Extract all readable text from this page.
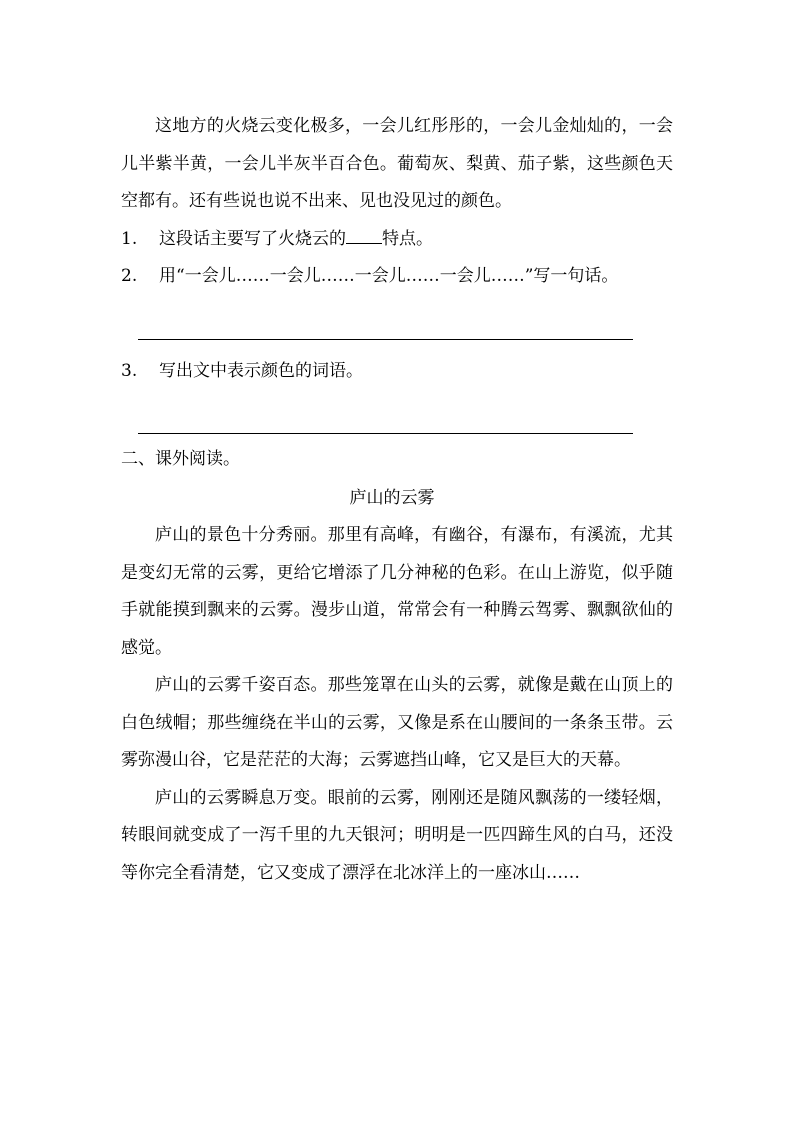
这地方的火烧云变化极多，一会儿红彤彤的，一会儿金灿灿的，一会儿半紫半黄，一会儿半灰半百合色。葡萄灰、梨黄、茄子紫，这些颜色天空都有。还有些说也说不出来、见也没见过的颜色。

1.	这段话主要写了火烧云的 特点。

2.	用“一会儿……一会儿……一会儿……一会儿……”写一句话。

3.	写出文中表示颜色的词语。

二、课外阅读。

庐山的云雾

庐山的景色十分秀丽。那里有高峰，有幽谷，有瀑布，有溪流，尤其是变幻无常的云雾，更给它增添了几分神秘的色彩。在山上游览，似乎随手就能摸到飘来的云雾。漫步山道，常常会有一种腾云驾雾、飘飘欲仙的感觉。

庐山的云雾千姿百态。那些笼罩在山头的云雾，就像是戴在山顶上的白色绒帽；那些缠绕在半山的云雾，又像是系在山腰间的一条条玉带。云雾弥漫山谷，它是茫茫的大海；云雾遮挡山峰，它又是巨大的天幕。

庐山的云雾瞬息万变。眼前的云雾，刚刚还是随风飘荡的一缕轻烟，转眼间就变成了一泻千里的九天银河；明明是一匹四蹄生风的白马，还没等你完全看清楚，它又变成了漂浮在北冰洋上的一座冰山……
